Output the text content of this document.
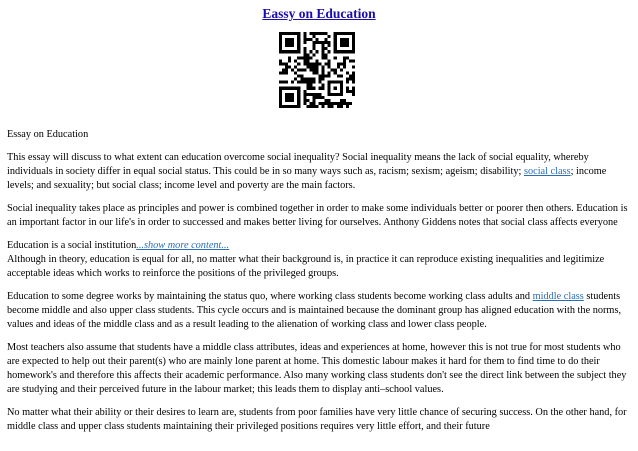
Eassy on Education

Essay on Education

This essay will discuss to what extent can education overcome social inequality? Social inequality means the lack of social equality, whereby individuals in society differ in equal social status. This could be in so many ways such as, racism; sexism; ageism; disability; social class; income levels; and sexuality; but social class; income level and poverty are the main factors.

Social inequality takes place as principles and power is combined together in order to make some individuals better or poorer then others. Education is an important factor in our life's in order to successed and makes better living for ourselves. Anthony Giddens notes that social class affects everyone

Education is a social institution...show more content...
Although in theory, education is equal for all, no matter what their background is, in practice it can reproduce existing inequalities and legitimize acceptable ideas which works to reinforce the positions of the privileged groups.

Education to some degree works by maintaining the status quo, where working class students become working class adults and middle class students become middle and also upper class students. This cycle occurs and is maintained because the dominant group has aligned education with the norms, values and ideas of the middle class and as a result leading to the alienation of working class and lower class people.

Most teachers also assume that students have a middle class attributes, ideas and experiences at home, however this is not true for most students who are expected to help out their parent(s) who are mainly lone parent at home. This domestic labour makes it hard for them to find time to do their homework's and therefore this affects their academic performance. Also many working class students don't see the direct link between the subject they are studying and their perceived future in the labour market; this leads them to display anti–school values.

No matter what their ability or their desires to learn are, students from poor families have very little chance of securing success. On the other hand, for middle class and upper class students maintaining their privileged positions requires very little effort, and their future
